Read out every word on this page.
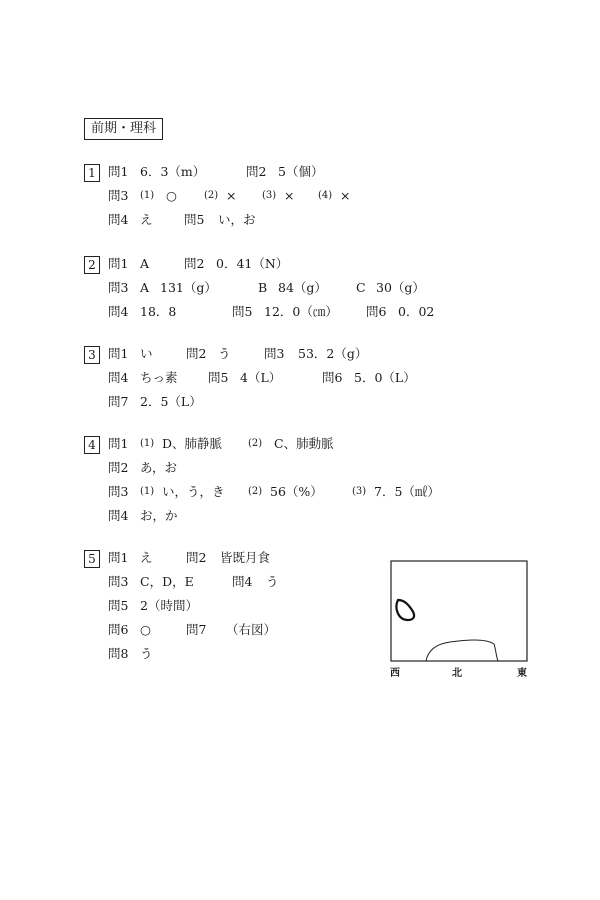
前期・理科
1 問1 6．3（m）	問2 5（個）
問3 (1) ○	(2) ×	(3) × (4) ×
問4 え	問5 い，お
2 問1 A	問2 0．41（N）
問3 A 131（g）	B 84（g） C 30（g）
問4 18．8	問5 12．0（㎝） 問6 0．02
3 問1 い	問2 う	問3 53．2（g）
問4 ちっ素 問5 4（L）	問6 5．0（L）
問7 2．5（L）
4 問1 (1) D、肺静脈	(2) C、肺動脈
問2 あ，お
問3 (1) い，う，き (2) 56（%）	(3) 7．5（㎖）
問4 お，か
5 問1 え	問2 皆既月食
問3 C，D，E	問4 う
問5 2（時間）
問6 ○	問7 （右図）
問8 う
西	北	東
